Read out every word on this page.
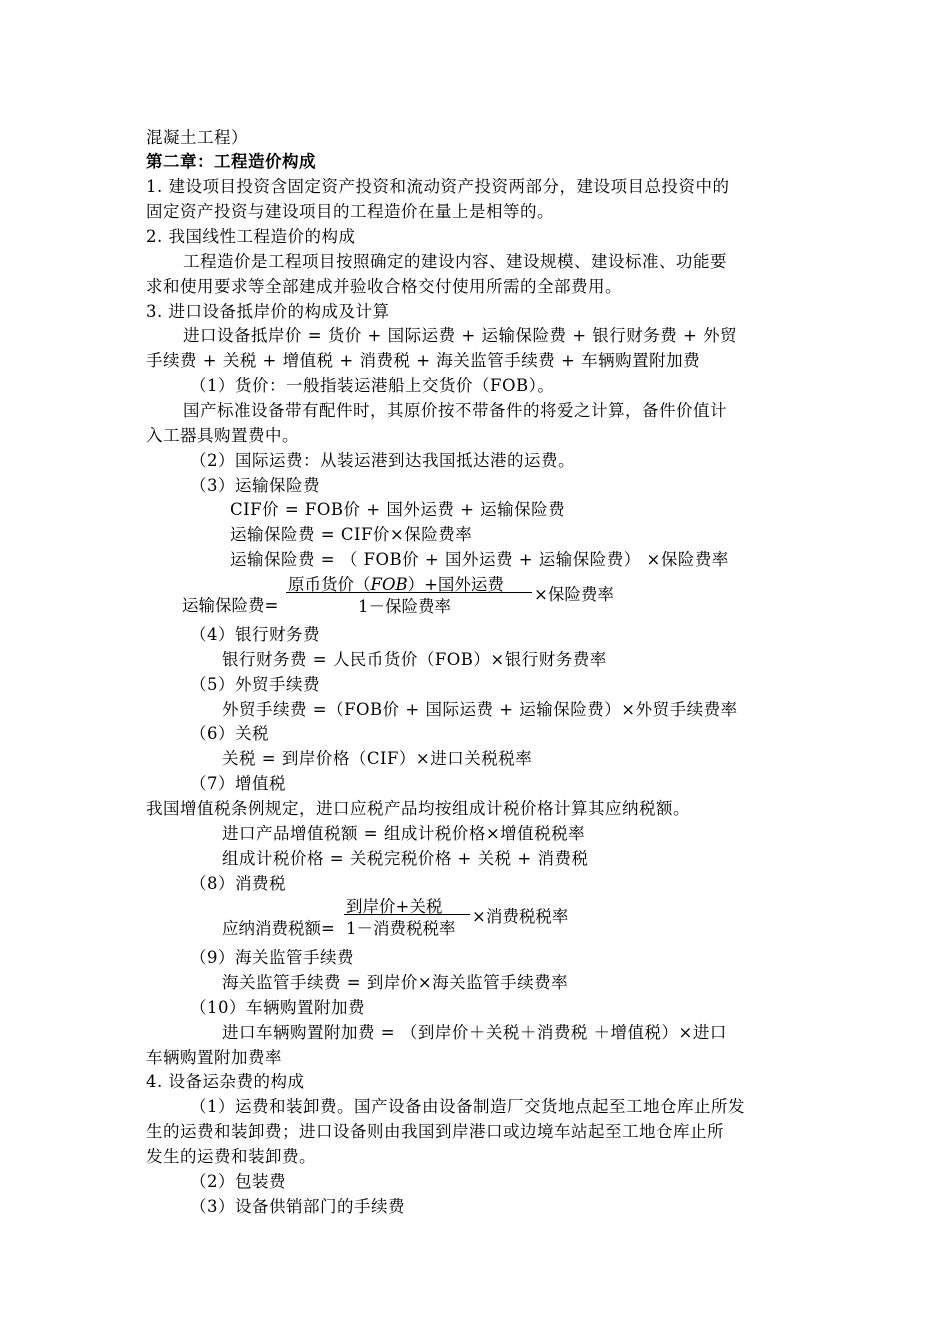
混凝土工程）
第二章：工程造价构成
1. 建设项目投资含固定资产投资和流动资产投资两部分，建设项目总投资中的
固定资产投资与建设项目的工程造价在量上是相等的。
2. 我国线性工程造价的构成
工程造价是工程项目按照确定的建设内容、建设规模、建设标准、功能要
求和使用要求等全部建成并验收合格交付使用所需的全部费用。
3. 进口设备抵岸价的构成及计算
进口设备抵岸价 = 货价 + 国际运费 + 运输保险费 + 银行财务费 + 外贸
手续费 + 关税 + 增值税 + 消费税 + 海关监管手续费 + 车辆购置附加费
（1）货价：一般指装运港船上交货价（FOB）。
国产标准设备带有配件时，其原价按不带备件的将爱之计算，备件价值计
入工器具购置费中。
（2）国际运费：从装运港到达我国抵达港的运费。
（3）运输保险费
CIF价 = FOB价 + 国外运费 + 运输保险费
运输保险费 = CIF价×保险费率
运输保险费 = （ FOB价 + 国外运费 + 运输保险费） ×保险费率
运输保险费=
原币货价（FOB）+国外运费
1－保险费率
×保险费率
（4）银行财务费
银行财务费 = 人民币货价（FOB）×银行财务费率
（5）外贸手续费
外贸手续费 =（FOB价 + 国际运费 + 运输保险费）×外贸手续费率
（6）关税
关税 = 到岸价格（CIF）×进口关税税率
（7）增值税
我国增值税条例规定，进口应税产品均按组成计税价格计算其应纳税额。
进口产品增值税额 = 组成计税价格×增值税税率
组成计税价格 = 关税完税价格 + 关税 + 消费税
（8）消费税
应纳消费税额=
到岸价+关税
1－消费税税率
×消费税税率
（9）海关监管手续费
海关监管手续费 = 到岸价×海关监管手续费率
（10）车辆购置附加费
进口车辆购置附加费 = （到岸价＋关税＋消费税 ＋增值税）×进口
车辆购置附加费率
4. 设备运杂费的构成
（1）运费和装卸费。国产设备由设备制造厂交货地点起至工地仓库止所发
生的运费和装卸费；进口设备则由我国到岸港口或边境车站起至工地仓库止所
发生的运费和装卸费。
（2）包装费
（3）设备供销部门的手续费
